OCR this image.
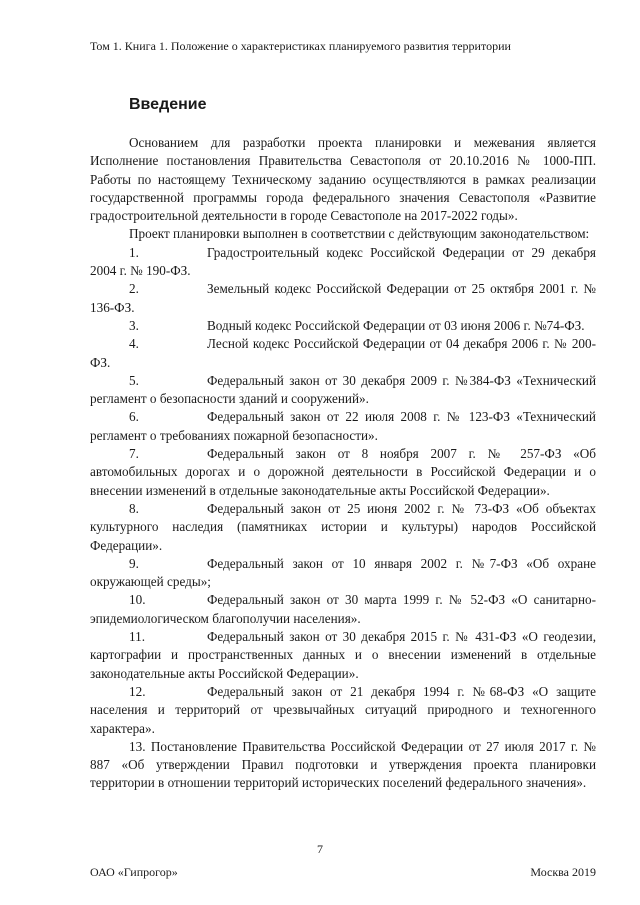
Том 1. Книга 1. Положение о характеристиках планируемого развития территории
Введение

Основанием для разработки проекта планировки и межевания является Исполнение постановления Правительства Севастополя от 20.10.2016 № 1000-ПП. Работы по настоящему Техническому заданию осуществляются в рамках реализации государственной программы города федерального значения Севастополя «Развитие градостроительной деятельности в городе Севастополе на 2017-2022 годы».

Проект планировки выполнен в соответствии с действующим законодательством:

1.	Градостроительный кодекс Российской Федерации от 29 декабря 2004 г. № 190-ФЗ.

2.	Земельный кодекс Российской Федерации от 25 октября 2001 г. № 136-ФЗ.

3.	Водный кодекс Российской Федерации от 03 июня 2006 г. №74-ФЗ.

4.	Лесной кодекс Российской Федерации от 04 декабря 2006 г. № 200-ФЗ.

5.	Федеральный закон от 30 декабря 2009 г. №384-ФЗ «Технический регламент о безопасности зданий и сооружений».

6.	Федеральный закон от 22 июля 2008 г. № 123-ФЗ «Технический регламент о требованиях пожарной безопасности».

7.	Федеральный закон от 8 ноября 2007 г. № 257-ФЗ «Об автомобильных дорогах и о дорожной деятельности в Российской Федерации и о внесении изменений в отдельные законодательные акты Российской Федерации».

8.	Федеральный закон от 25 июня 2002 г. № 73-ФЗ «Об объектах культурного наследия (памятниках истории и культуры) народов Российской Федерации».

9.	Федеральный закон от 10 января 2002 г. №7-ФЗ «Об охране окружающей среды»;

10.	Федеральный закон от 30 марта 1999 г. № 52-ФЗ «О санитарно-эпидемиологическом благополучии населения».

11.	Федеральный закон от 30 декабря 2015 г. № 431-ФЗ «О геодезии, картографии и пространственных данных и о внесении изменений в отдельные законодательные акты Российской Федерации».

12.	Федеральный закон от 21 декабря 1994 г. №68-ФЗ «О защите населения и территорий от чрезвычайных ситуаций природного и техногенного характера».

13. Постановление Правительства Российской Федерации от 27 июля 2017 г. № 887 «Об утверждении Правил подготовки и утверждения проекта планировки территории в отношении территорий исторических поселений федерального значения».

7
ОАО «Гипрогор»	Москва 2019
